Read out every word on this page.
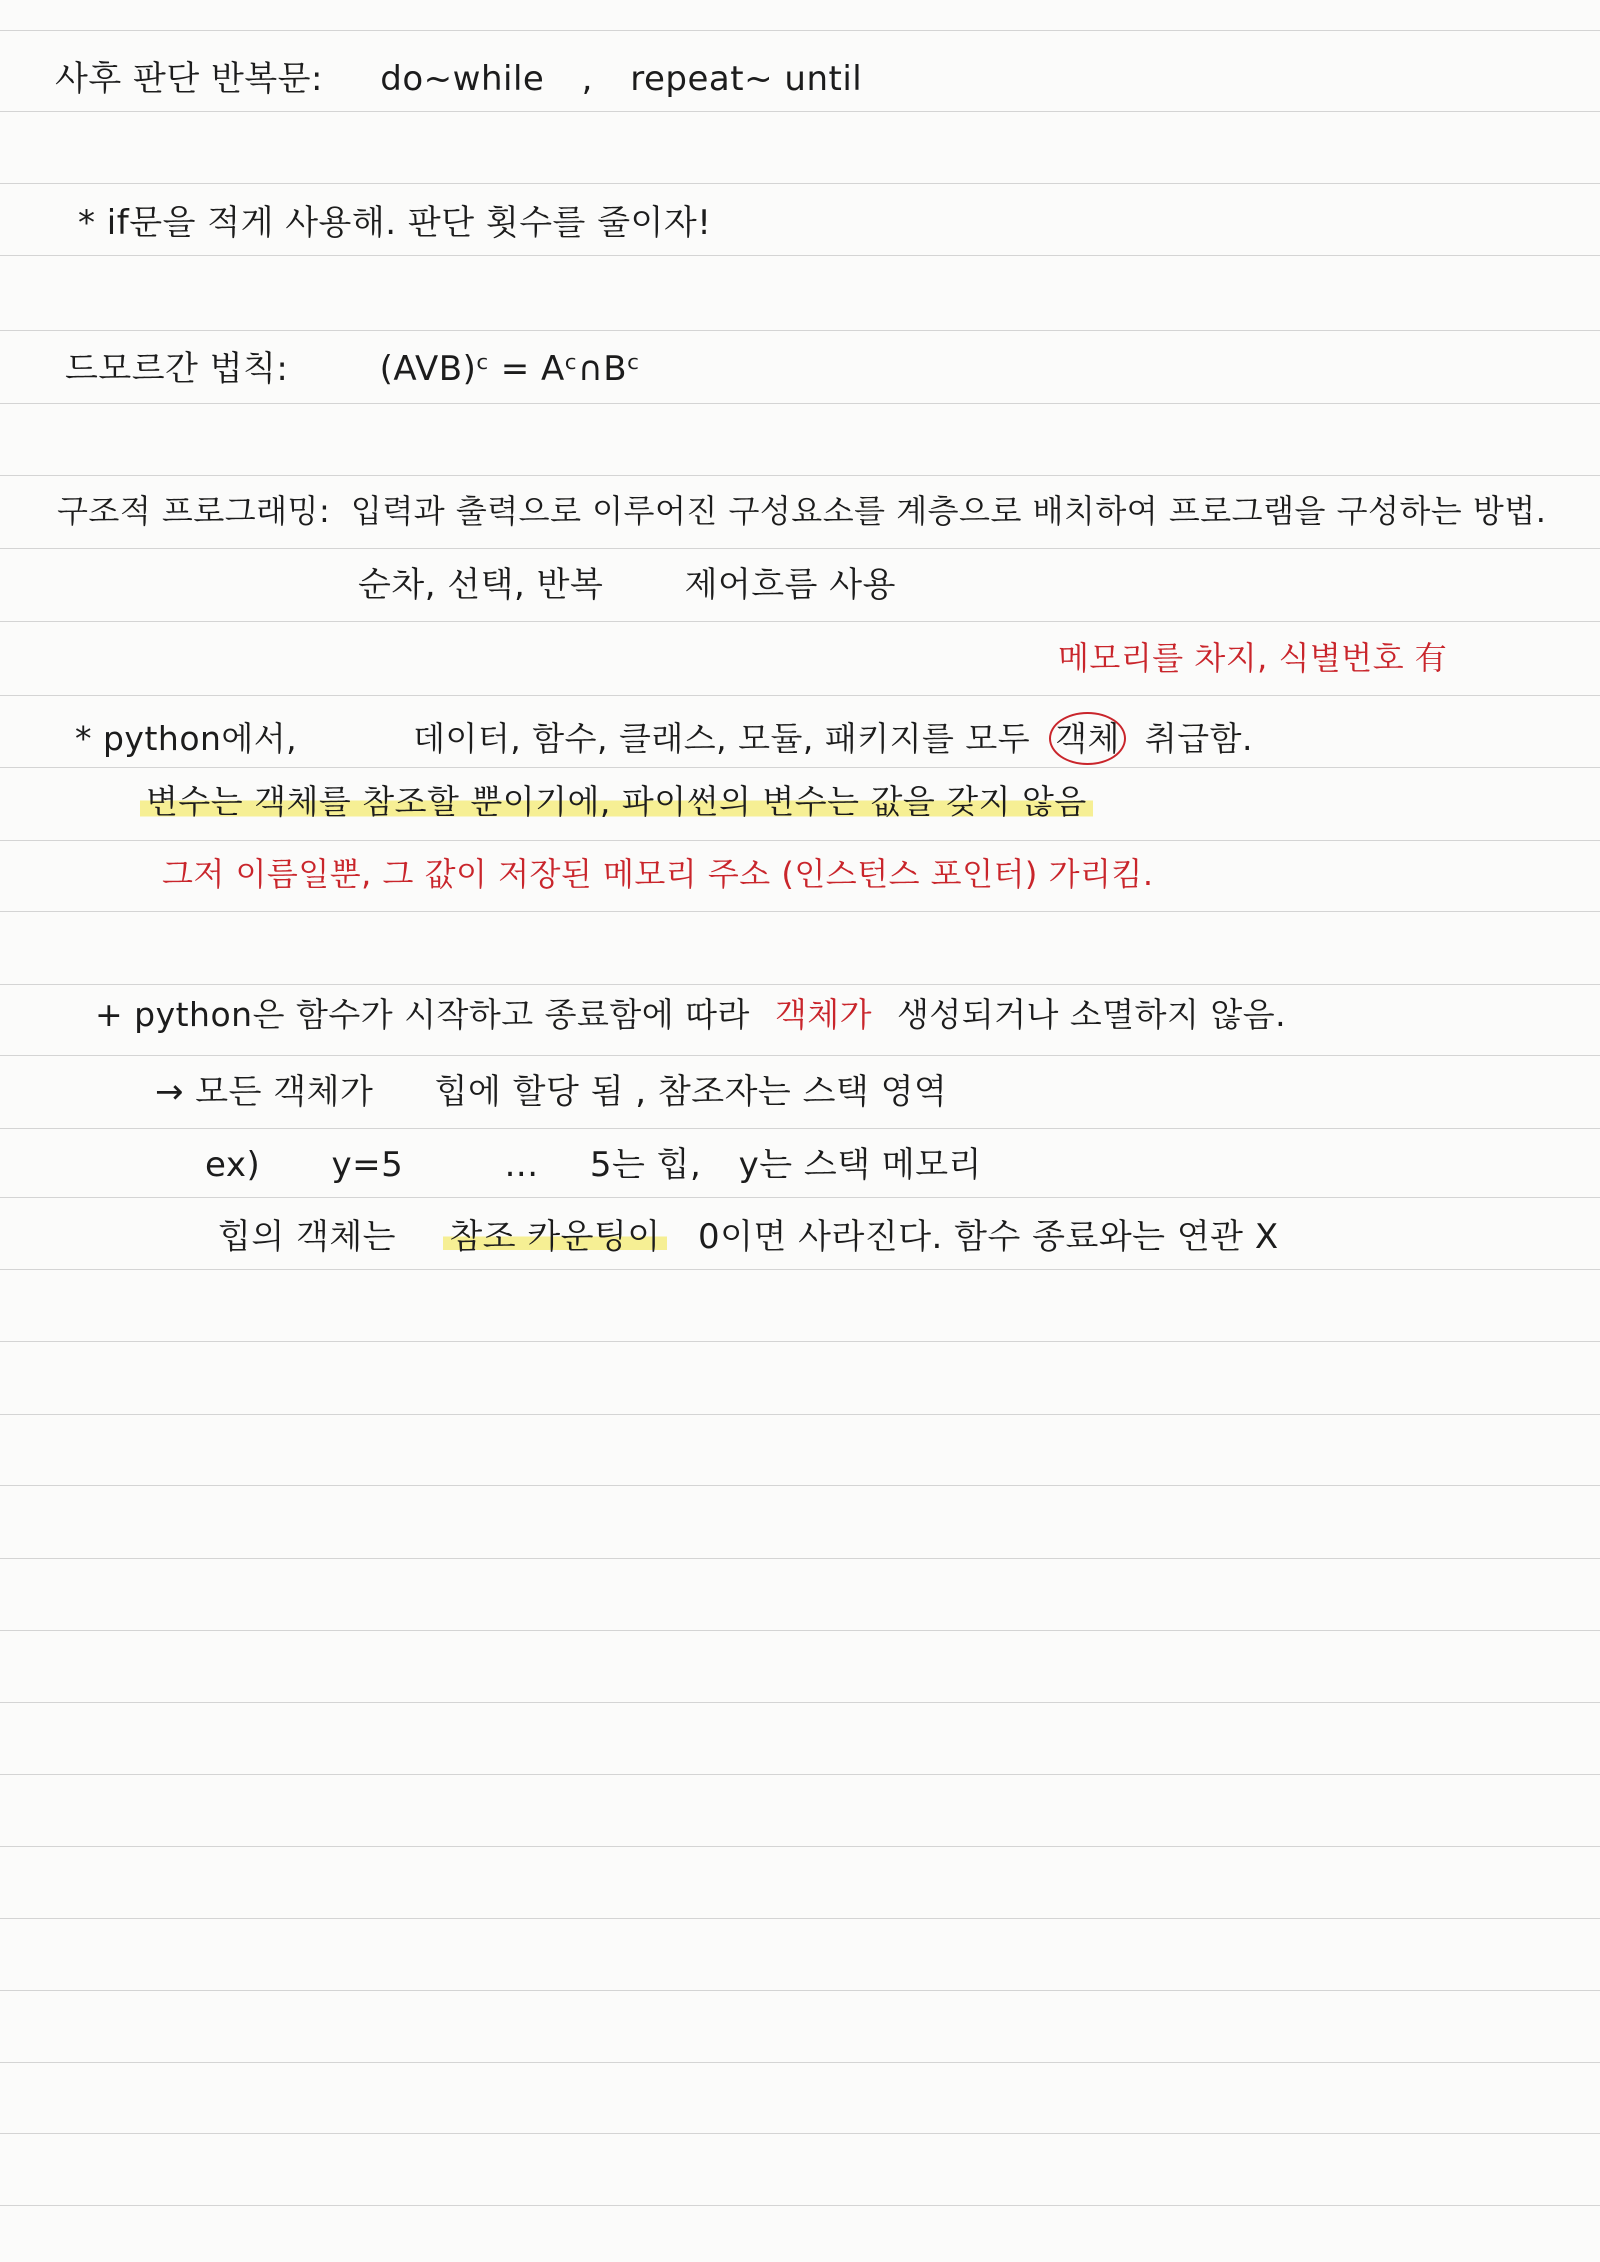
사후 판단 반복문: do~while , repeat~ until
* if문을 적게 사용해. 판단 횟수를 줄이자!
드모르간 법칙:	(AVB)ᶜ = Aᶜ∩Bᶜ
구조적 프로그래밍: 입력과 출력으로 이루어진 구성요소를 계층으로 배치하여 프로그램을 구성하는 방법.
순차, 선택, 반복 제어흐름 사용
메모리를 차지, 식별번호 有
* python에서,	데이터, 함수, 클래스, 모듈, 패키지를 모두 객체 취급함.
변수는 객체를 참조할 뿐이기에, 파이썬의 변수는 값을 갖지 않음
그저 이름일뿐, 그 값이 저장된 메모리 주소 (인스턴스 포인터) 가리킴.
+ python은 함수가 시작하고 종료함에 따라 객체가 생성되거나 소멸하지 않음.
→ 모든 객체가 힙에 할당 됨 , 참조자는 스택 영역
ex) y=5	... 5는 힙, y는 스택 메모리
힙의 객체는 참조 카운팅이 0이면 사라진다. 함수 종료와는 연관 X
